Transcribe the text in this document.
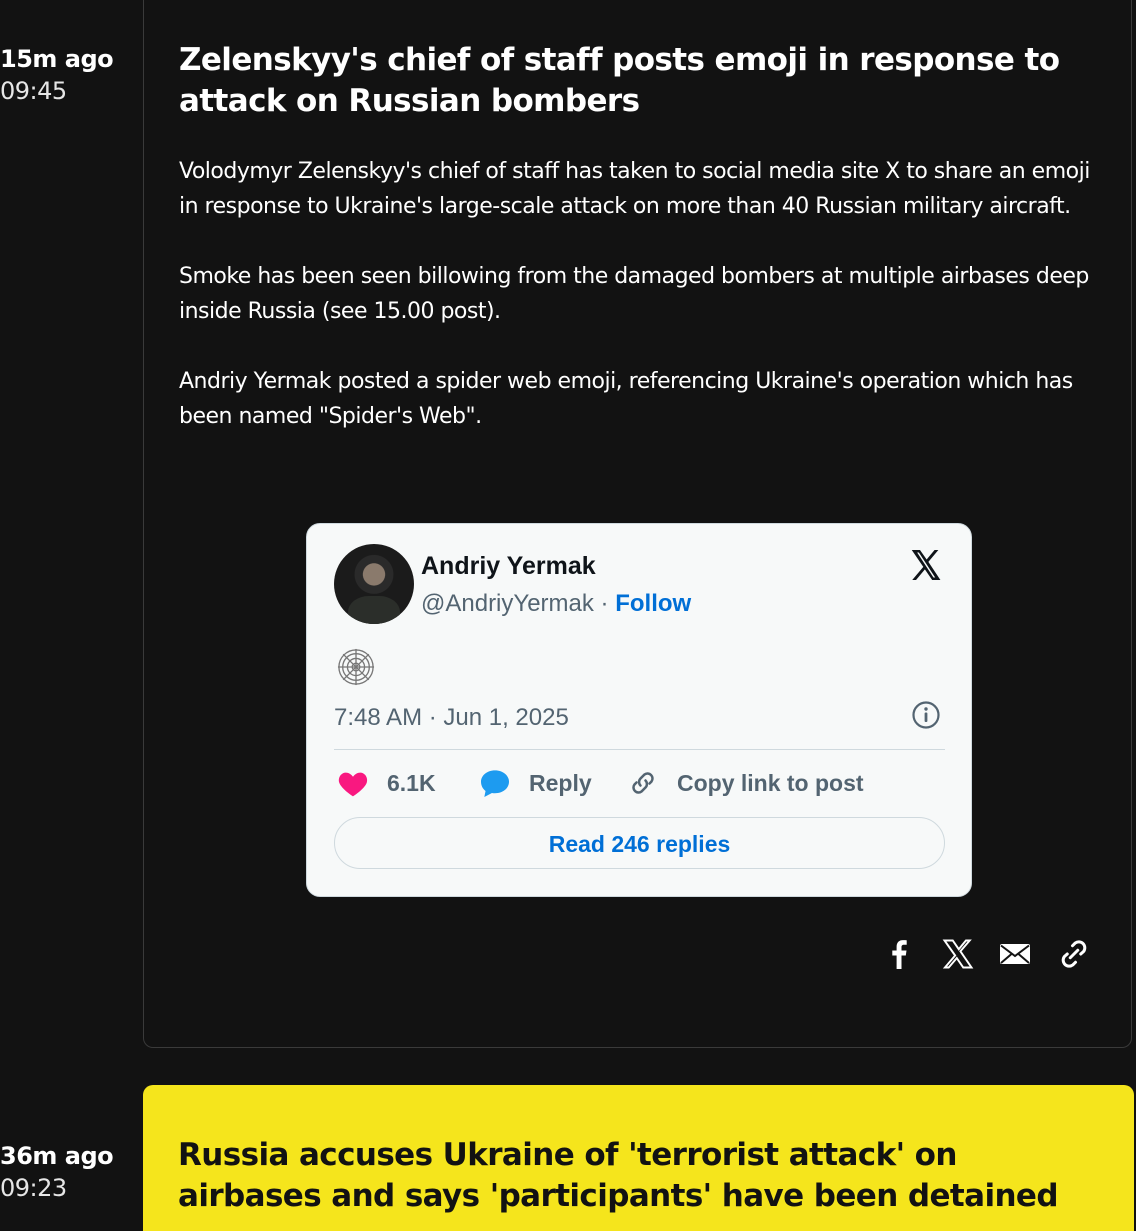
15m ago
09:45
Zelenskyy's chief of staff posts emoji in response to attack on Russian bombers

Volodymyr Zelenskyy's chief of staff has taken to social media site X to share an emoji in response to Ukraine's large-scale attack on more than 40 Russian military aircraft.

Smoke has been seen billowing from the damaged bombers at multiple airbases deep inside Russia (see 15.00 post).

Andriy Yermak posted a spider web emoji, referencing Ukraine's operation which has been named "Spider's Web".

Andriy Yermak
@AndriyYermak · Follow
7:48 AM · Jun 1, 2025
6.1K	Reply	Copy link to post
Read 246 replies
36m ago
09:23
Russia accuses Ukraine of 'terrorist attack' on airbases and says 'participants' have been detained
